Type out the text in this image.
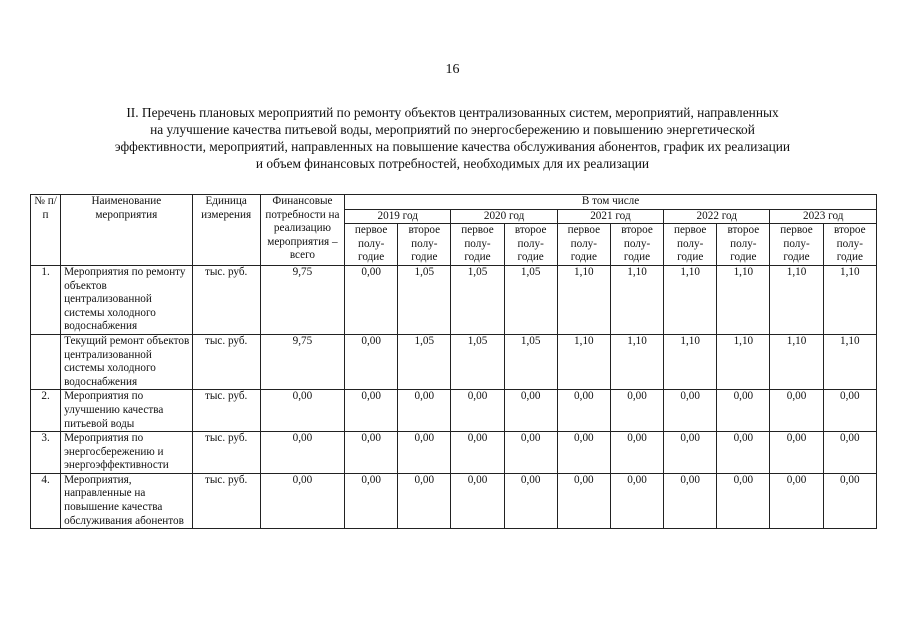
16
II. Перечень плановых мероприятий по ремонту объектов централизованных систем, мероприятий, направленных
на улучшение качества питьевой воды, мероприятий по энергосбережению и повышению энергетической
эффективности, мероприятий, направленных на повышение качества обслуживания абонентов, график их реализации
и объем финансовых потребностей, необходимых для их реализации
№ п/п	Наименование мероприятия	Единица измерения	Финансовые потребности на реализацию мероприятия – всего	В том числе									
				2019 год		2020 год		2021 год		2022 год		2023 год	
				первое полу-годие	второе полу-годие	первое полу-годие	второе полу-годие	первое полу-годие	второе полу-годие	первое полу-годие	второе полу-годие	первое полу-годие	второе полу-годие
1.	Мероприятия по ремонту объектов централизованной системы холодного водоснабжения	тыс. руб.	9,75	0,00	1,05	1,05	1,05	1,10	1,10	1,10	1,10	1,10	1,10
	Текущий ремонт объектов централизованной системы холодного водоснабжения	тыс. руб.	9,75	0,00	1,05	1,05	1,05	1,10	1,10	1,10	1,10	1,10	1,10
2.	Мероприятия по улучшению качества питьевой воды	тыс. руб.	0,00	0,00	0,00	0,00	0,00	0,00	0,00	0,00	0,00	0,00	0,00
3.	Мероприятия по энергосбережению и энергоэффективности	тыс. руб.	0,00	0,00	0,00	0,00	0,00	0,00	0,00	0,00	0,00	0,00	0,00
4.	Мероприятия, направленные на повышение качества обслуживания абонентов	тыс. руб.	0,00	0,00	0,00	0,00	0,00	0,00	0,00	0,00	0,00	0,00	0,00
